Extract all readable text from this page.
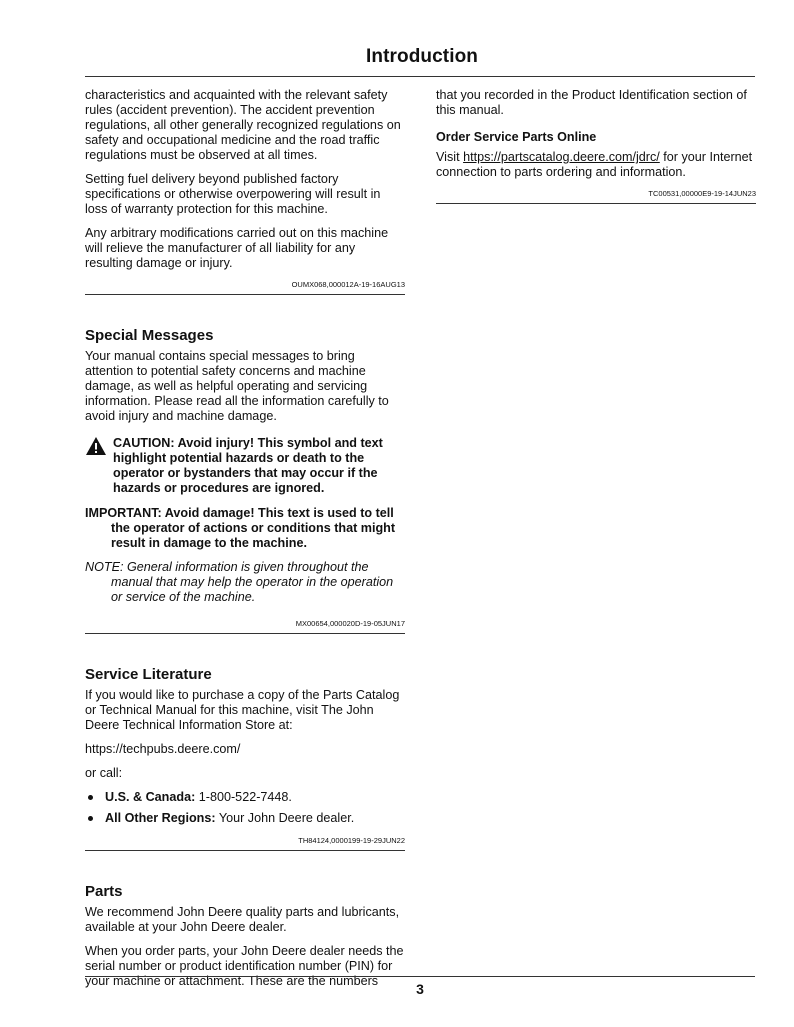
Introduction

characteristics and acquainted with the relevant safety rules (accident prevention). The accident prevention regulations, all other generally recognized regulations on safety and occupational medicine and the road traffic regulations must be observed at all times.

Setting fuel delivery beyond published factory specifications or otherwise overpowering will result in loss of warranty protection for this machine.

Any arbitrary modifications carried out on this machine will relieve the manufacturer of all liability for any resulting damage or injury.

OUMX068,000012A-19-16AUG13
Special Messages

Your manual contains special messages to bring attention to potential safety concerns and machine damage, as well as helpful operating and servicing information. Please read all the information carefully to avoid injury and machine damage.

CAUTION: Avoid injury! This symbol and text highlight potential hazards or death to the operator or bystanders that may occur if the hazards or procedures are ignored.

IMPORTANT: Avoid damage! This text is used to tell the operator of actions or conditions that might result in damage to the machine.

NOTE: General information is given throughout the manual that may help the operator in the operation or service of the machine.

MX00654,000020D-19-05JUN17
Service Literature

If you would like to purchase a copy of the Parts Catalog or Technical Manual for this machine, visit The John Deere Technical Information Store at:

https://techpubs.deere.com/

or call:

U.S. & Canada: 1-800-522-7448.
All Other Regions: Your John Deere dealer.
TH84124,0000199-19-29JUN22
Parts

We recommend John Deere quality parts and lubricants, available at your John Deere dealer.

When you order parts, your John Deere dealer needs the serial number or product identification number (PIN) for your machine or attachment. These are the numbers

that you recorded in the Product Identification section of this manual.

Order Service Parts Online

Visit https://partscatalog.deere.com/jdrc/ for your Internet connection to parts ordering and information.

TC00531,00000E9-19-14JUN23
3
